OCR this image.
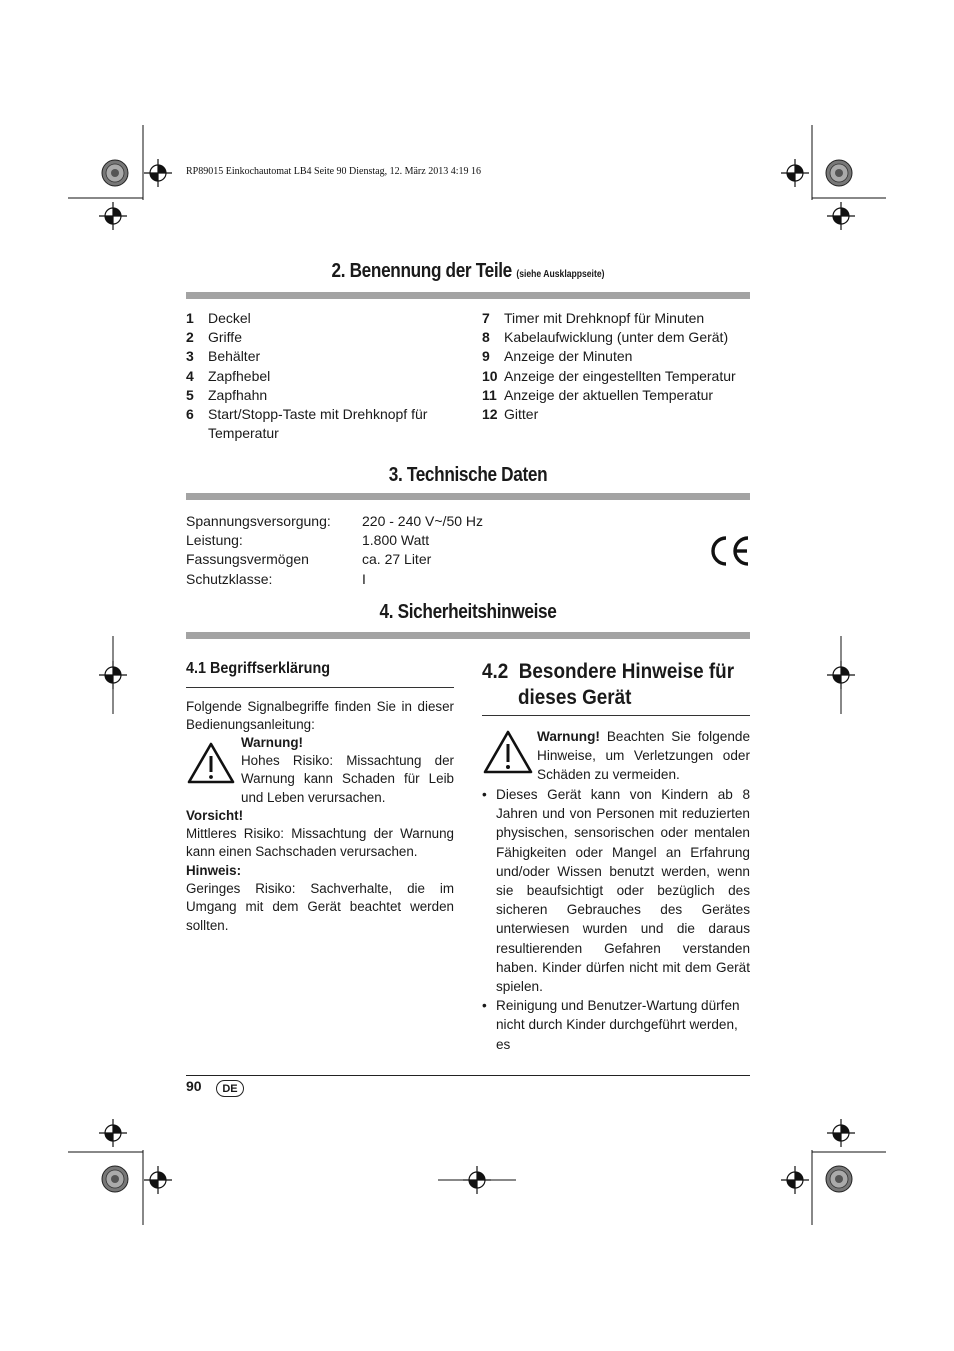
RP89015 Einkochautomat LB4 Seite 90 Dienstag, 12. März 2013 4:19 16
2. Benennung der Teile (siehe Ausklappseite)
1	Deckel
2	Griffe
3	Behälter
4	Zapfhebel
5	Zapfhahn
6	Start/Stopp-Taste mit Drehknopf für Temperatur
7	Timer mit Drehknopf für Minuten
8	Kabelaufwicklung (unter dem Gerät)
9	Anzeige der Minuten
10 Anzeige der eingestellten Temperatur
11 Anzeige der aktuellen Temperatur
12 Gitter
3. Technische Daten
Spannungsversorgung:	220 - 240 V~/50 Hz
Leistung:	1.800 Watt
Fassungsvermögen	ca. 27 Liter
Schutzklasse:	I
4. Sicherheitshinweise
4.1 Begriffserklärung
Folgende Signalbegriffe finden Sie in dieser Bedienungsanleitung:
Warnung!
Hohes Risiko: Missachtung der Warnung kann Schaden für Leib und Leben verursachen.
Vorsicht!
Mittleres Risiko: Missachtung der Warnung kann einen Sachschaden verursachen.
Hinweis:
Geringes Risiko: Sachverhalte, die im Umgang mit dem Gerät beachtet werden sollten.
4.2  Besondere Hinweise für
dieses Gerät
Warnung! Beachten Sie folgende Hinweise, um Verletzungen oder Schäden zu vermeiden.
• Dieses Gerät kann von Kindern ab 8 Jahren und von Personen mit reduzierten physischen, sensorischen oder mentalen Fähigkeiten oder Mangel an Erfahrung und/oder Wissen benutzt werden, wenn sie beaufsichtigt oder bezüglich des sicheren Gebrauches des Gerätes unterwiesen wurden und die daraus resultierenden Gefahren verstanden haben. Kinder dürfen nicht mit dem Gerät spielen.
• Reinigung und Benutzer-Wartung dürfen nicht durch Kinder durchgeführt werden, es
90	DE
